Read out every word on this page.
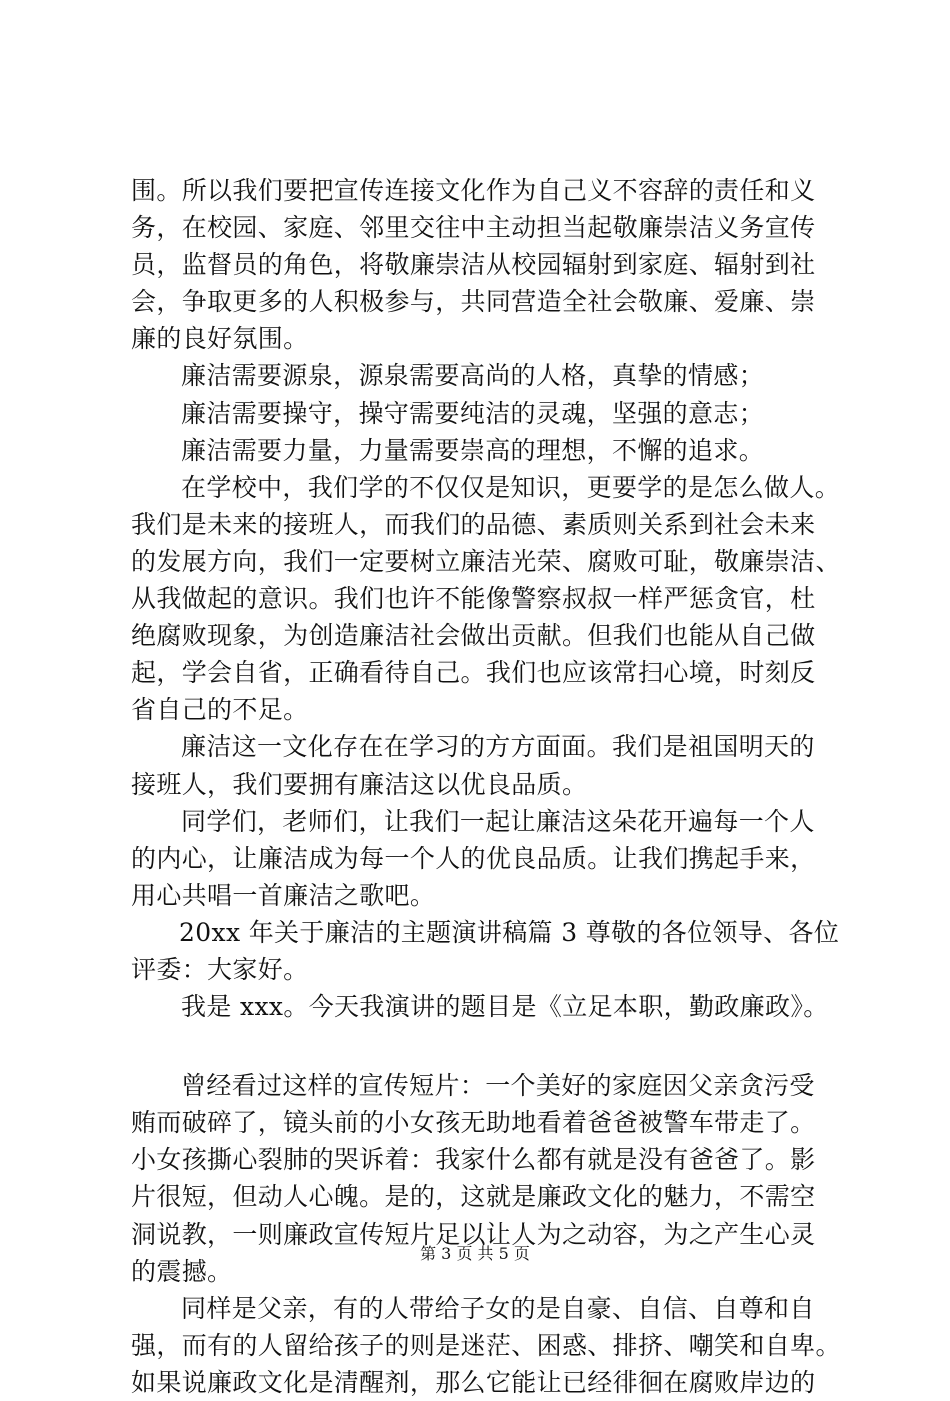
围。所以我们要把宣传连接文化作为自己义不容辞的责任和义
务，在校园、家庭、邻里交往中主动担当起敬廉崇洁义务宣传
员，监督员的角色，将敬廉崇洁从校园辐射到家庭、辐射到社
会，争取更多的人积极参与，共同营造全社会敬廉、爱廉、崇
廉的良好氛围。
廉洁需要源泉，源泉需要高尚的人格，真挚的情感；
廉洁需要操守，操守需要纯洁的灵魂，坚强的意志；
廉洁需要力量，力量需要崇高的理想，不懈的追求。
在学校中，我们学的不仅仅是知识，更要学的是怎么做人。
我们是未来的接班人，而我们的品德、素质则关系到社会未来
的发展方向，我们一定要树立廉洁光荣、腐败可耻，敬廉崇洁、
从我做起的意识。我们也许不能像警察叔叔一样严惩贪官，杜
绝腐败现象，为创造廉洁社会做出贡献。但我们也能从自己做
起，学会自省，正确看待自己。我们也应该常扫心境，时刻反
省自己的不足。
廉洁这一文化存在在学习的方方面面。我们是祖国明天的
接班人，我们要拥有廉洁这以优良品质。
同学们，老师们，让我们一起让廉洁这朵花开遍每一个人
的内心，让廉洁成为每一个人的优良品质。让我们携起手来，
用心共唱一首廉洁之歌吧。
20xx 年关于廉洁的主题演讲稿篇 3 尊敬的各位领导、各位
评委：大家好。
我是 xxx。今天我演讲的题目是《立足本职，勤政廉政》。
曾经看过这样的宣传短片：一个美好的家庭因父亲贪污受
贿而破碎了，镜头前的小女孩无助地看着爸爸被警车带走了。
小女孩撕心裂肺的哭诉着：我家什么都有就是没有爸爸了。影
片很短，但动人心魄。是的，这就是廉政文化的魅力，不需空
洞说教，一则廉政宣传短片足以让人为之动容，为之产生心灵
的震撼。
同样是父亲，有的人带给子女的是自豪、自信、自尊和自
强，而有的人留给孩子的则是迷茫、困惑、排挤、嘲笑和自卑。
如果说廉政文化是清醒剂，那么它能让已经徘徊在腐败岸边的
第 3 页 共 5 页
